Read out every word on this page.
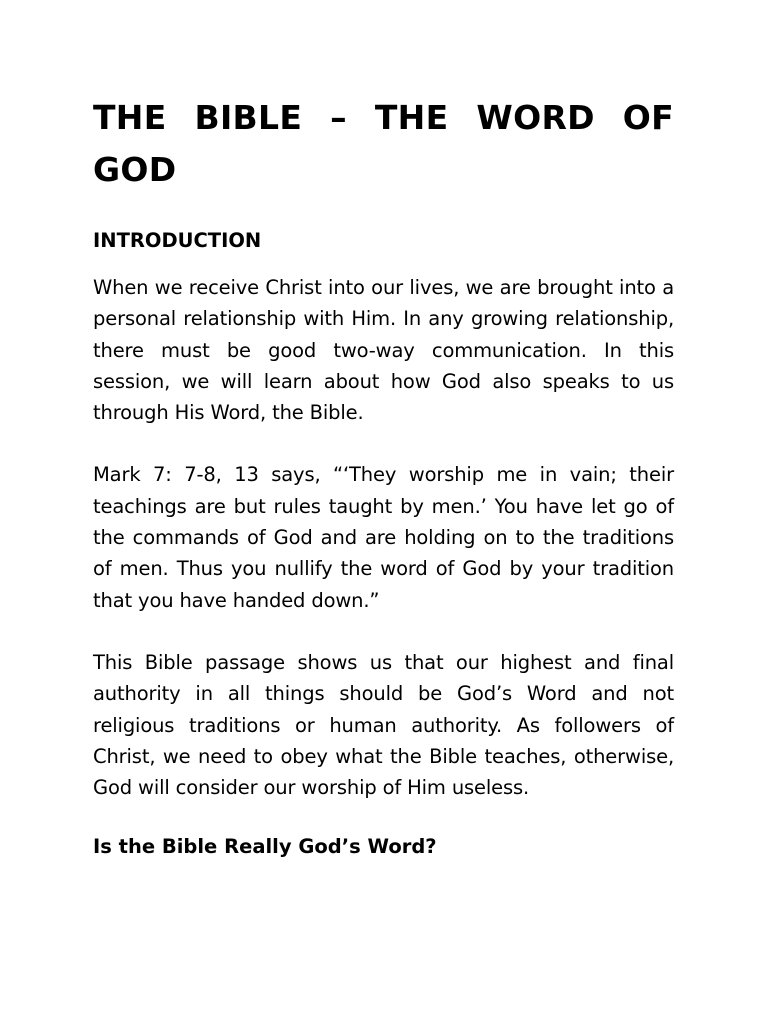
THE BIBLE – THE WORD OF GOD
INTRODUCTION

When we receive Christ into our lives, we are brought into a personal relationship with Him. In any growing relationship, there must be good two-way communication. In this session, we will learn about how God also speaks to us through His Word, the Bible.

Mark 7: 7-8, 13 says, “‘They worship me in vain; their teachings are but rules taught by men.’ You have let go of the commands of God and are holding on to the traditions of men. Thus you nullify the word of God by your tradition that you have handed down.”

This Bible passage shows us that our highest and final authority in all things should be God’s Word and not religious traditions or human authority. As followers of Christ, we need to obey what the Bible teaches, otherwise, God will consider our worship of Him useless.

Is the Bible Really God’s Word?
